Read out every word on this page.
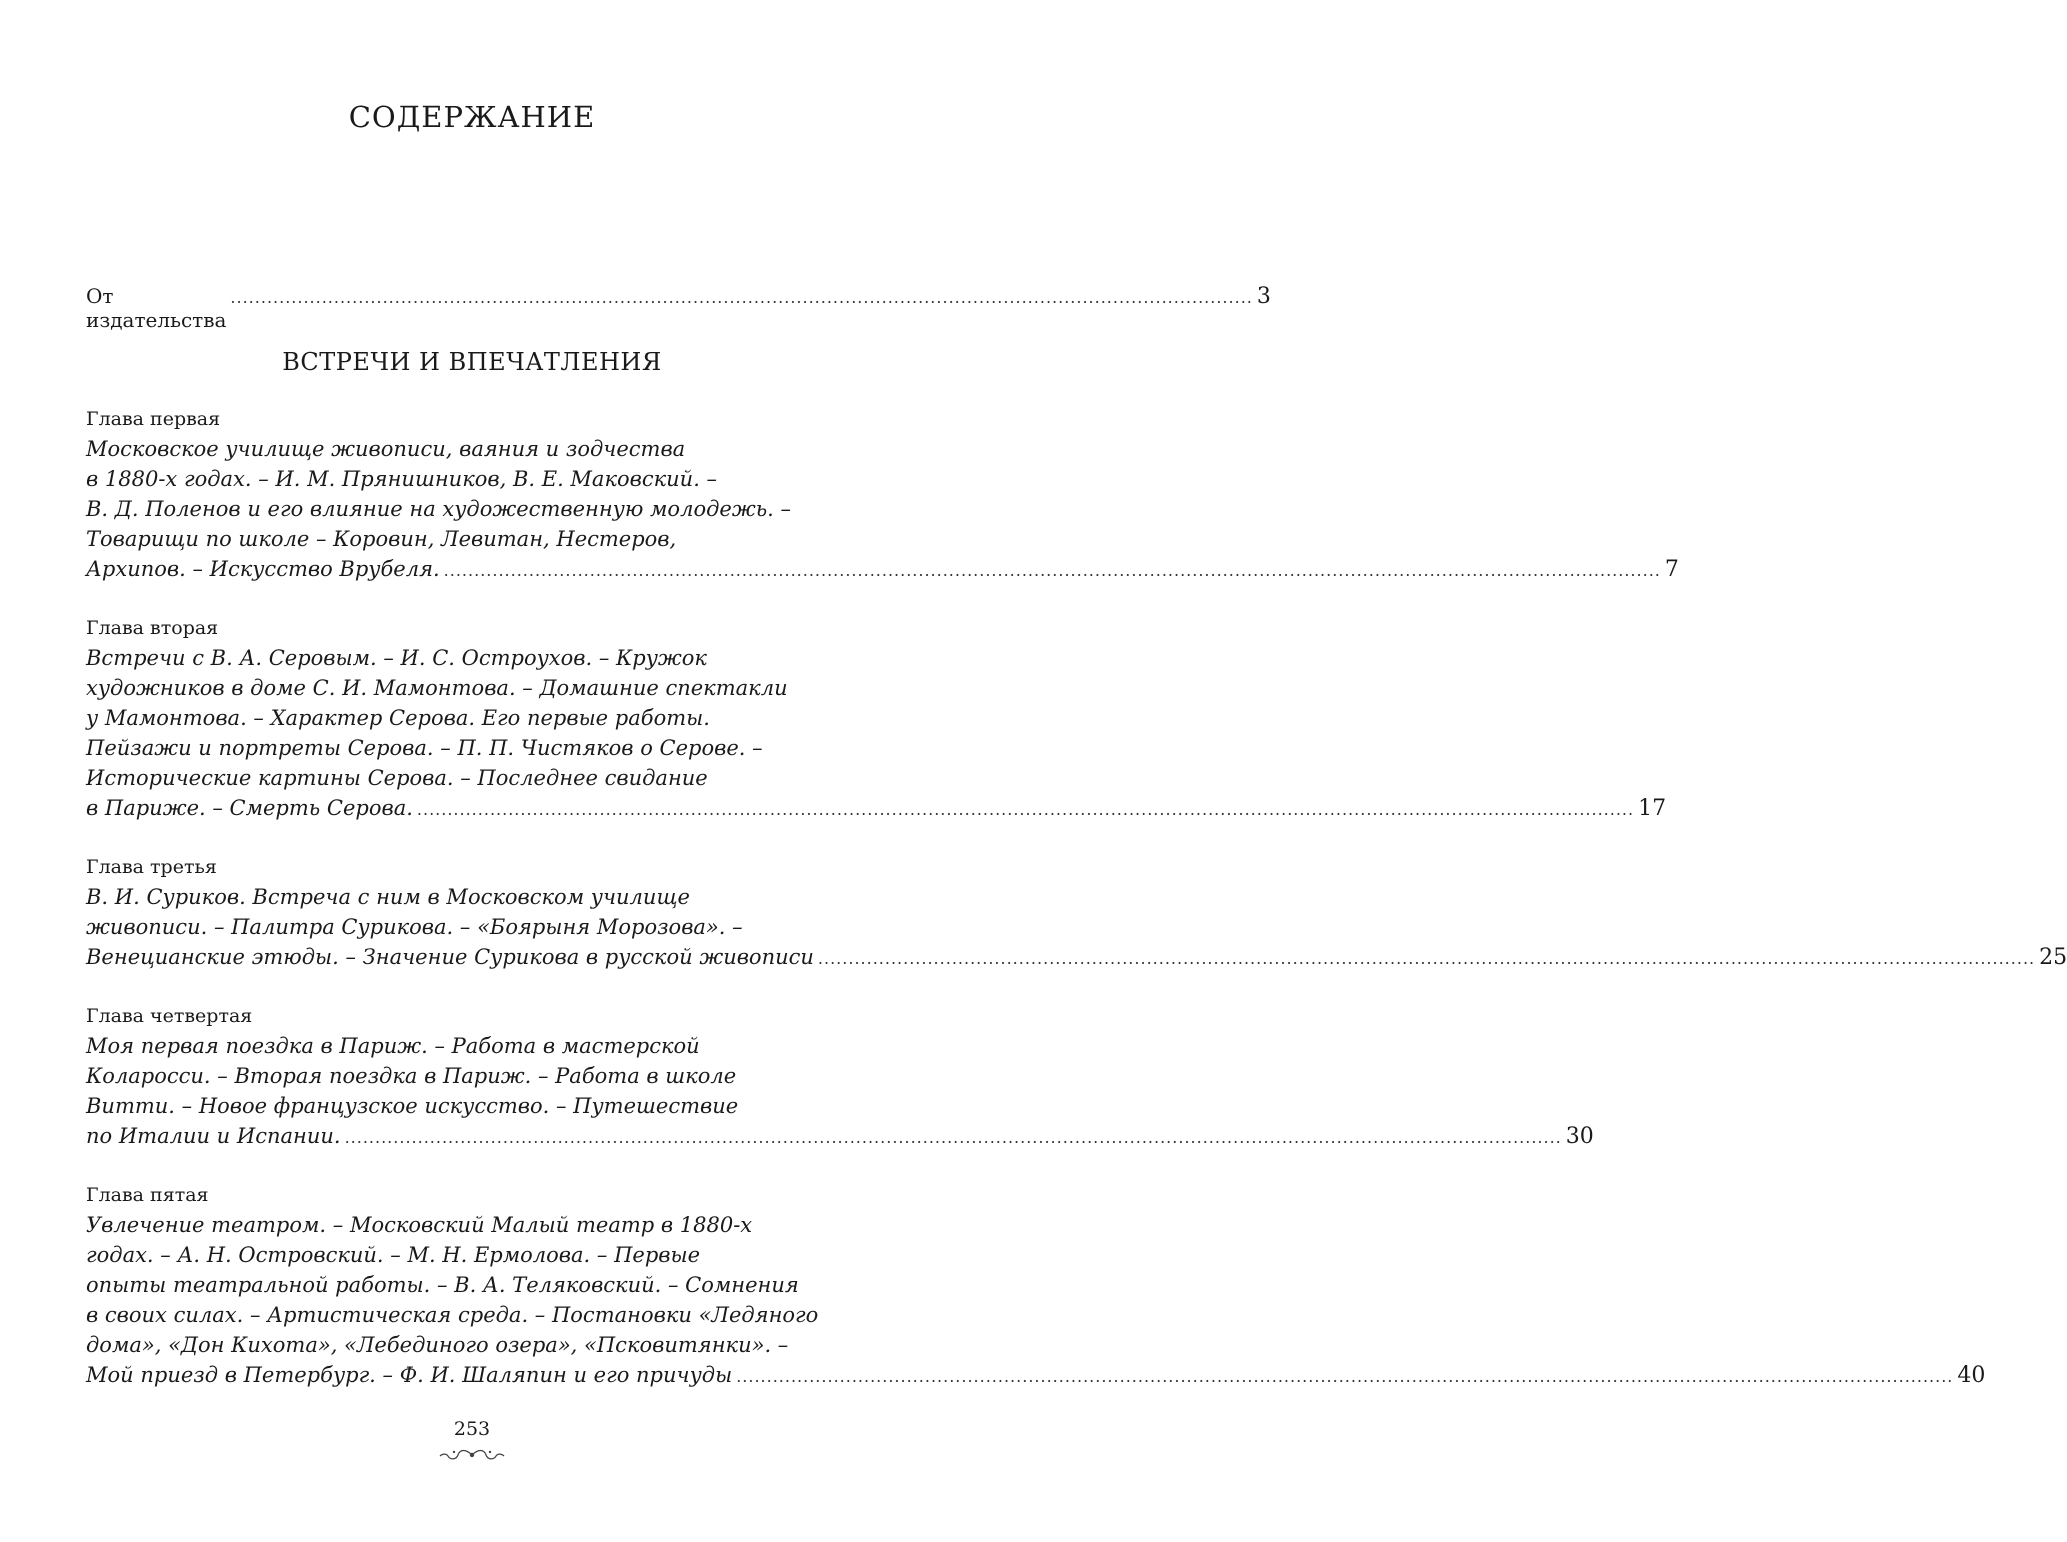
СОДЕРЖАНИЕ
От издательства
........................................................................................................................................................................ 3
ВСТРЕЧИ И ВПЕЧАТЛЕНИЯ
Глава первая
Московское училище живописи, ваяния и зодчества
в 1880-х годах. – И. М. Прянишников, В. Е. Маковский. –
В. Д. Поленов и его влияние на художественную молодежь. –
Товарищи по школе – Коровин, Левитан, Нестеров,
Архипов. – Искусство Врубеля. ........................................................................................................................................................................................................ 7
Глава вторая
Встречи с В. А. Серовым. – И. С. Остроухов. – Кружок
художников в доме С. И. Мамонтова. – Домашние спектакли
у Мамонтова. – Характер Серова. Его первые работы.
Пейзажи и портреты Серова. – П. П. Чистяков о Серове. –
Исторические картины Серова. – Последнее свидание
в Париже. – Смерть Серова. ........................................................................................................................................................................................................ 17
Глава третья
В. И. Суриков. Встреча с ним в Московском училище
живописи. – Палитра Сурикова. – «Боярыня Морозова». –
Венецианские этюды. – Значение Сурикова в русской живописи ........................................................................................................................................................................................................ 25
Глава четвертая
Моя первая поездка в Париж. – Работа в мастерской
Коларосси. – Вторая поездка в Париж. – Работа в школе
Витти. – Новое французское искусство. – Путешествие
по Италии и Испании. ........................................................................................................................................................................................................ 30
Глава пятая
Увлечение театром. – Московский Малый театр в 1880-х
годах. – А. Н. Островский. – М. Н. Ермолова. – Первые
опыты театральной работы. – В. А. Теляковский. – Сомнения
в своих силах. – Артистическая среда. – Постановки «Ледяного
дома», «Дон Кихота», «Лебединого озера», «Псковитянки». –
Мой приезд в Петербург. – Ф. И. Шаляпин и его причуды ........................................................................................................................................................................................................ 40
253
